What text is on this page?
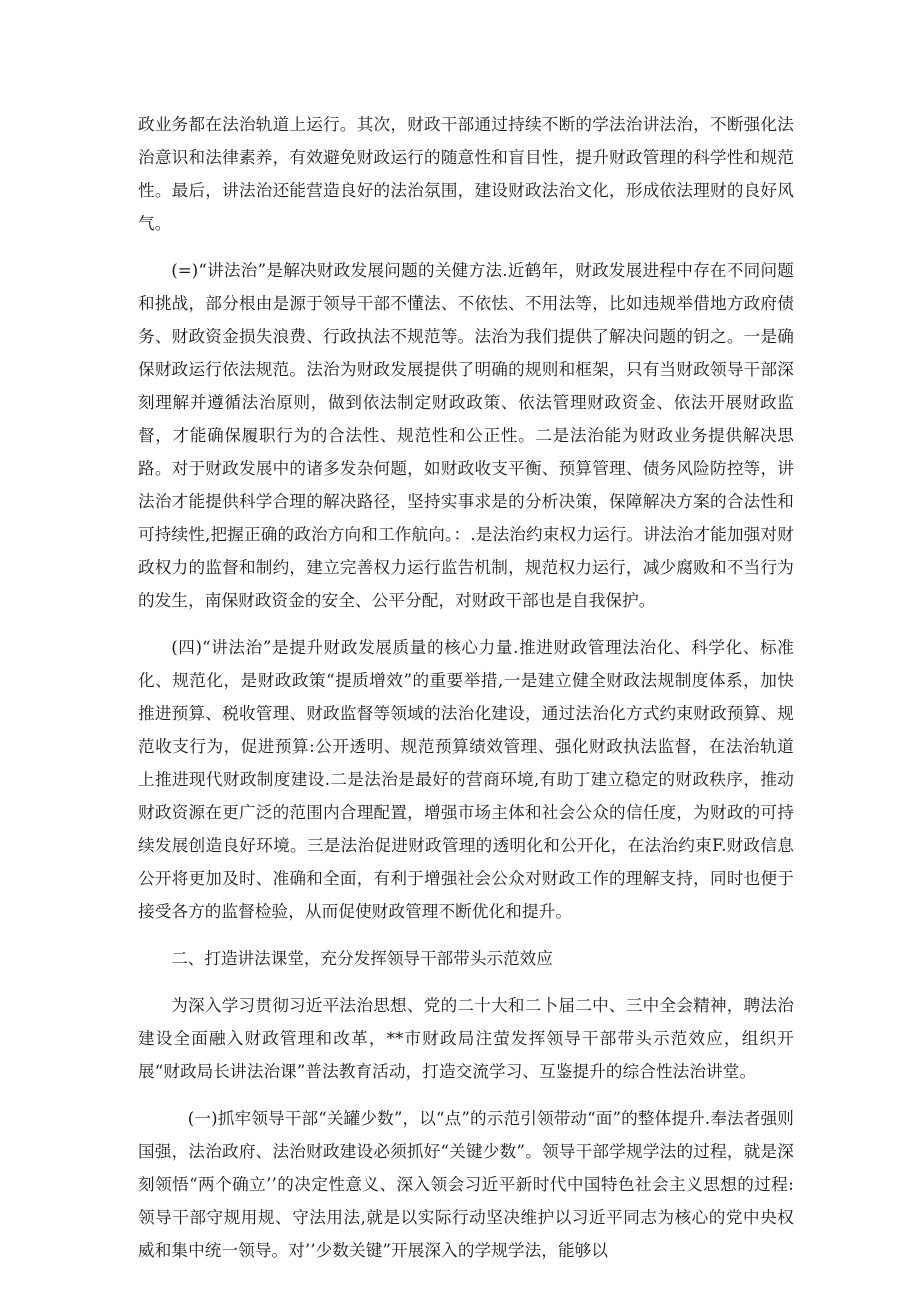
政业务都在法治轨道上运行。其次，财政干部通过持续不断的学法治讲法治，不断强化法治意识和法律素养，有效避免财政运行的随意性和盲目性，提升财政管理的科学性和规范性。最后，讲法治还能营造良好的法治氛围，建设财政法治文化，形成依法理财的良好风气。

(=)“讲法治”是解决财政发展问题的关健方法.近鹤年，财政发展进程中存在不同问题和挑战，部分根由是源于领导干部不懂法、不依怯、不用法等，比如违规举借地方政府债务、财政资金损失浪费、行政执法不规范等。法治为我们提供了解决问题的钥之。一是确保财政运行依法规范。法治为财政发展提供了明确的规则和框架，只有当财政领导干部深刻理解并遵循法治原则，做到依法制定财政政策、依法管理财政资金、依法开展财政监督，才能确保履职行为的合法性、规范性和公正性。二是法治能为财政业务提供解决思路。对于财政发展中的诸多发杂何题，如财政收支平衡、预算管理、债务风险防控等，讲法治才能提供科学合理的解决路径，坚持实事求是的分析决策，保障解决方案的合法性和可持续性,把握正确的政治方向和工作航向。：.是法治约束权力运行。讲法治才能加强对财政权力的监督和制约，建立完善权力运行监告机制，规范权力运行，减少腐败和不当行为的发生，南保财政资金的安全、公平分配，对财政干部也是自我保护。

(四)“讲法治”是提升财政发展质量的核心力量.推进财政管理法治化、科学化、标准化、规范化，是财政政策“提质增效”的重要举措,一是建立健全财政法规制度体系，加快推进预算、税收管理、财政监督等领域的法治化建设，通过法治化方式约束财政预算、规范收支行为，促进预算:公开透明、规范预算绩效管理、强化财政执法监督，在法治轨道上推进现代财政制度建设.二是法治是最好的营商环境,有助丁建立稳定的财政秩序，推动财政资源在更广泛的范围内合理配置，增强市场主体和社会公众的信任度，为财政的可持续发展创造良好环境。三是法治促进财政管理的透明化和公开化，在法治约束F.财政信息公开将更加及时、准确和全面，有利于增强社会公众对财政工作的理解支持，同时也便于接受各方的监督检验，从而促使财政管理不断优化和提升。

二、打造讲法课堂，充分发挥领导干部带头示范效应

为深入学习贯彻习近平法治思想、党的二十大和二卜届二中、三中全会精神，聘法治建设全面融入财政管理和改革，**市财政局注萤发挥领导干部带头示范效应，组织开展“财政局长讲法治课”普法教育活动，打造交流学习、互鉴提升的综合性法治讲堂。

(一)抓牢领导干部“关罐少数”，以“点”的示范引领带动“面”的整体提升.奉法者强则国强，法治政府、法治财政建设必须抓好“关键少数”。领导干部学规学法的过程，就是深刻领悟“两个确立’’的决定性意义、深入领会习近平新时代中国特色社会主义思想的过程:领导干部守规用规、守法用法,就是以实际行动坚决维护以习近平同志为核心的党中央权威和集中统一领导。对’’少数关键”开展深入的学规学法，能够以
